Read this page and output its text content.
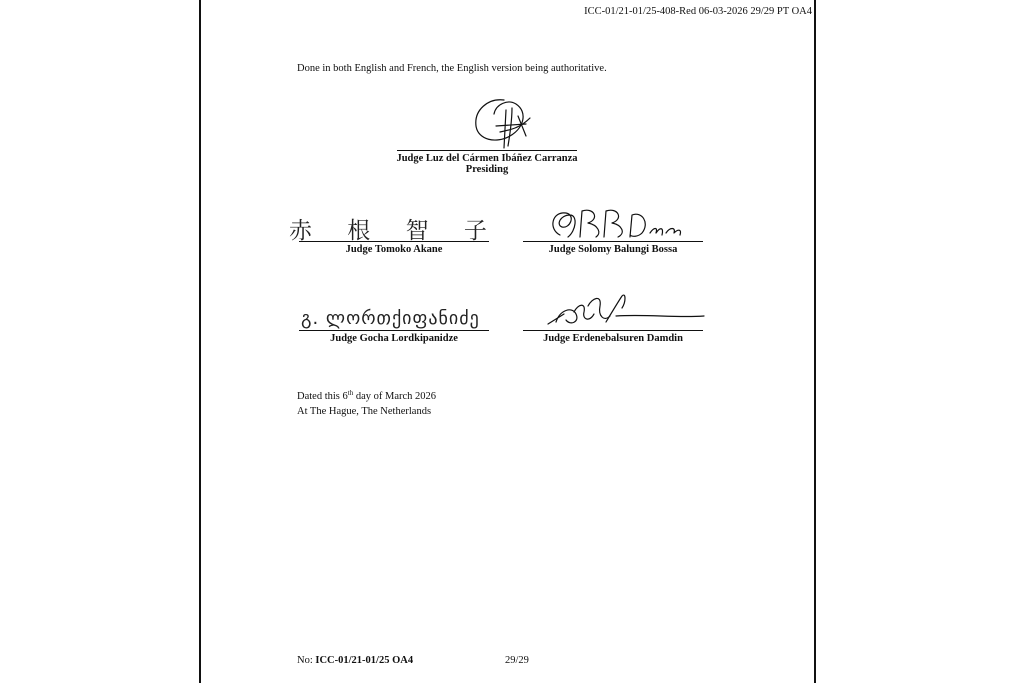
ICC-01/21-01/25-408-Red 06-03-2026 29/29 PT OA4
Done in both English and French, the English version being authoritative.
Judge Luz del Cármen Ibáñez Carranza
Presiding
赤 根 智 子
Judge Tomoko Akane	Judge Solomy Balungi Bossa
გ. ლორთქიფანიძე
Judge Gocha Lordkipanidze	Judge Erdenebalsuren Damdin
Dated this 6th day of March 2026
At The Hague, The Netherlands
No: ICC-01/21-01/25 OA4	29/29
